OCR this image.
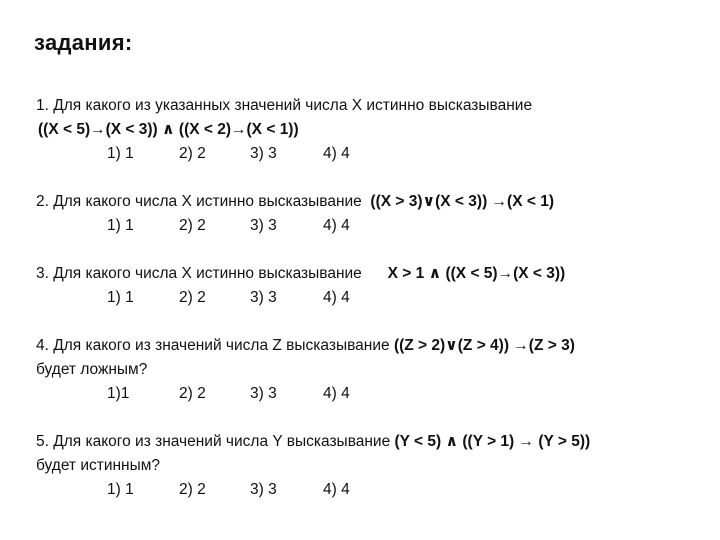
задания:
1. Для какого из указанных значений числа X истинно высказывание
((X < 5)→(X < 3)) ∧ ((X < 2)→(X < 1))
1) 1	2) 2	3) 3	4) 4
2. Для какого числа X истинно высказывание  ((X > 3)∨(X < 3)) →(X < 1)
1) 1	2) 2	3) 3	4) 4
3. Для какого числа X истинно высказывание      X > 1 ∧ ((X < 5)→(X < 3))
1) 1	2) 2	3) 3	4) 4
4. Для какого из значений числа Z высказывание ((Z > 2)∨(Z > 4)) →(Z > 3)
будет ложным?
1)1	2) 2	3) 3	4) 4
5. Для какого из значений числа Y высказывание (Y < 5) ∧ ((Y > 1) → (Y > 5))
будет истинным?
1) 1	2) 2	3) 3	4) 4
